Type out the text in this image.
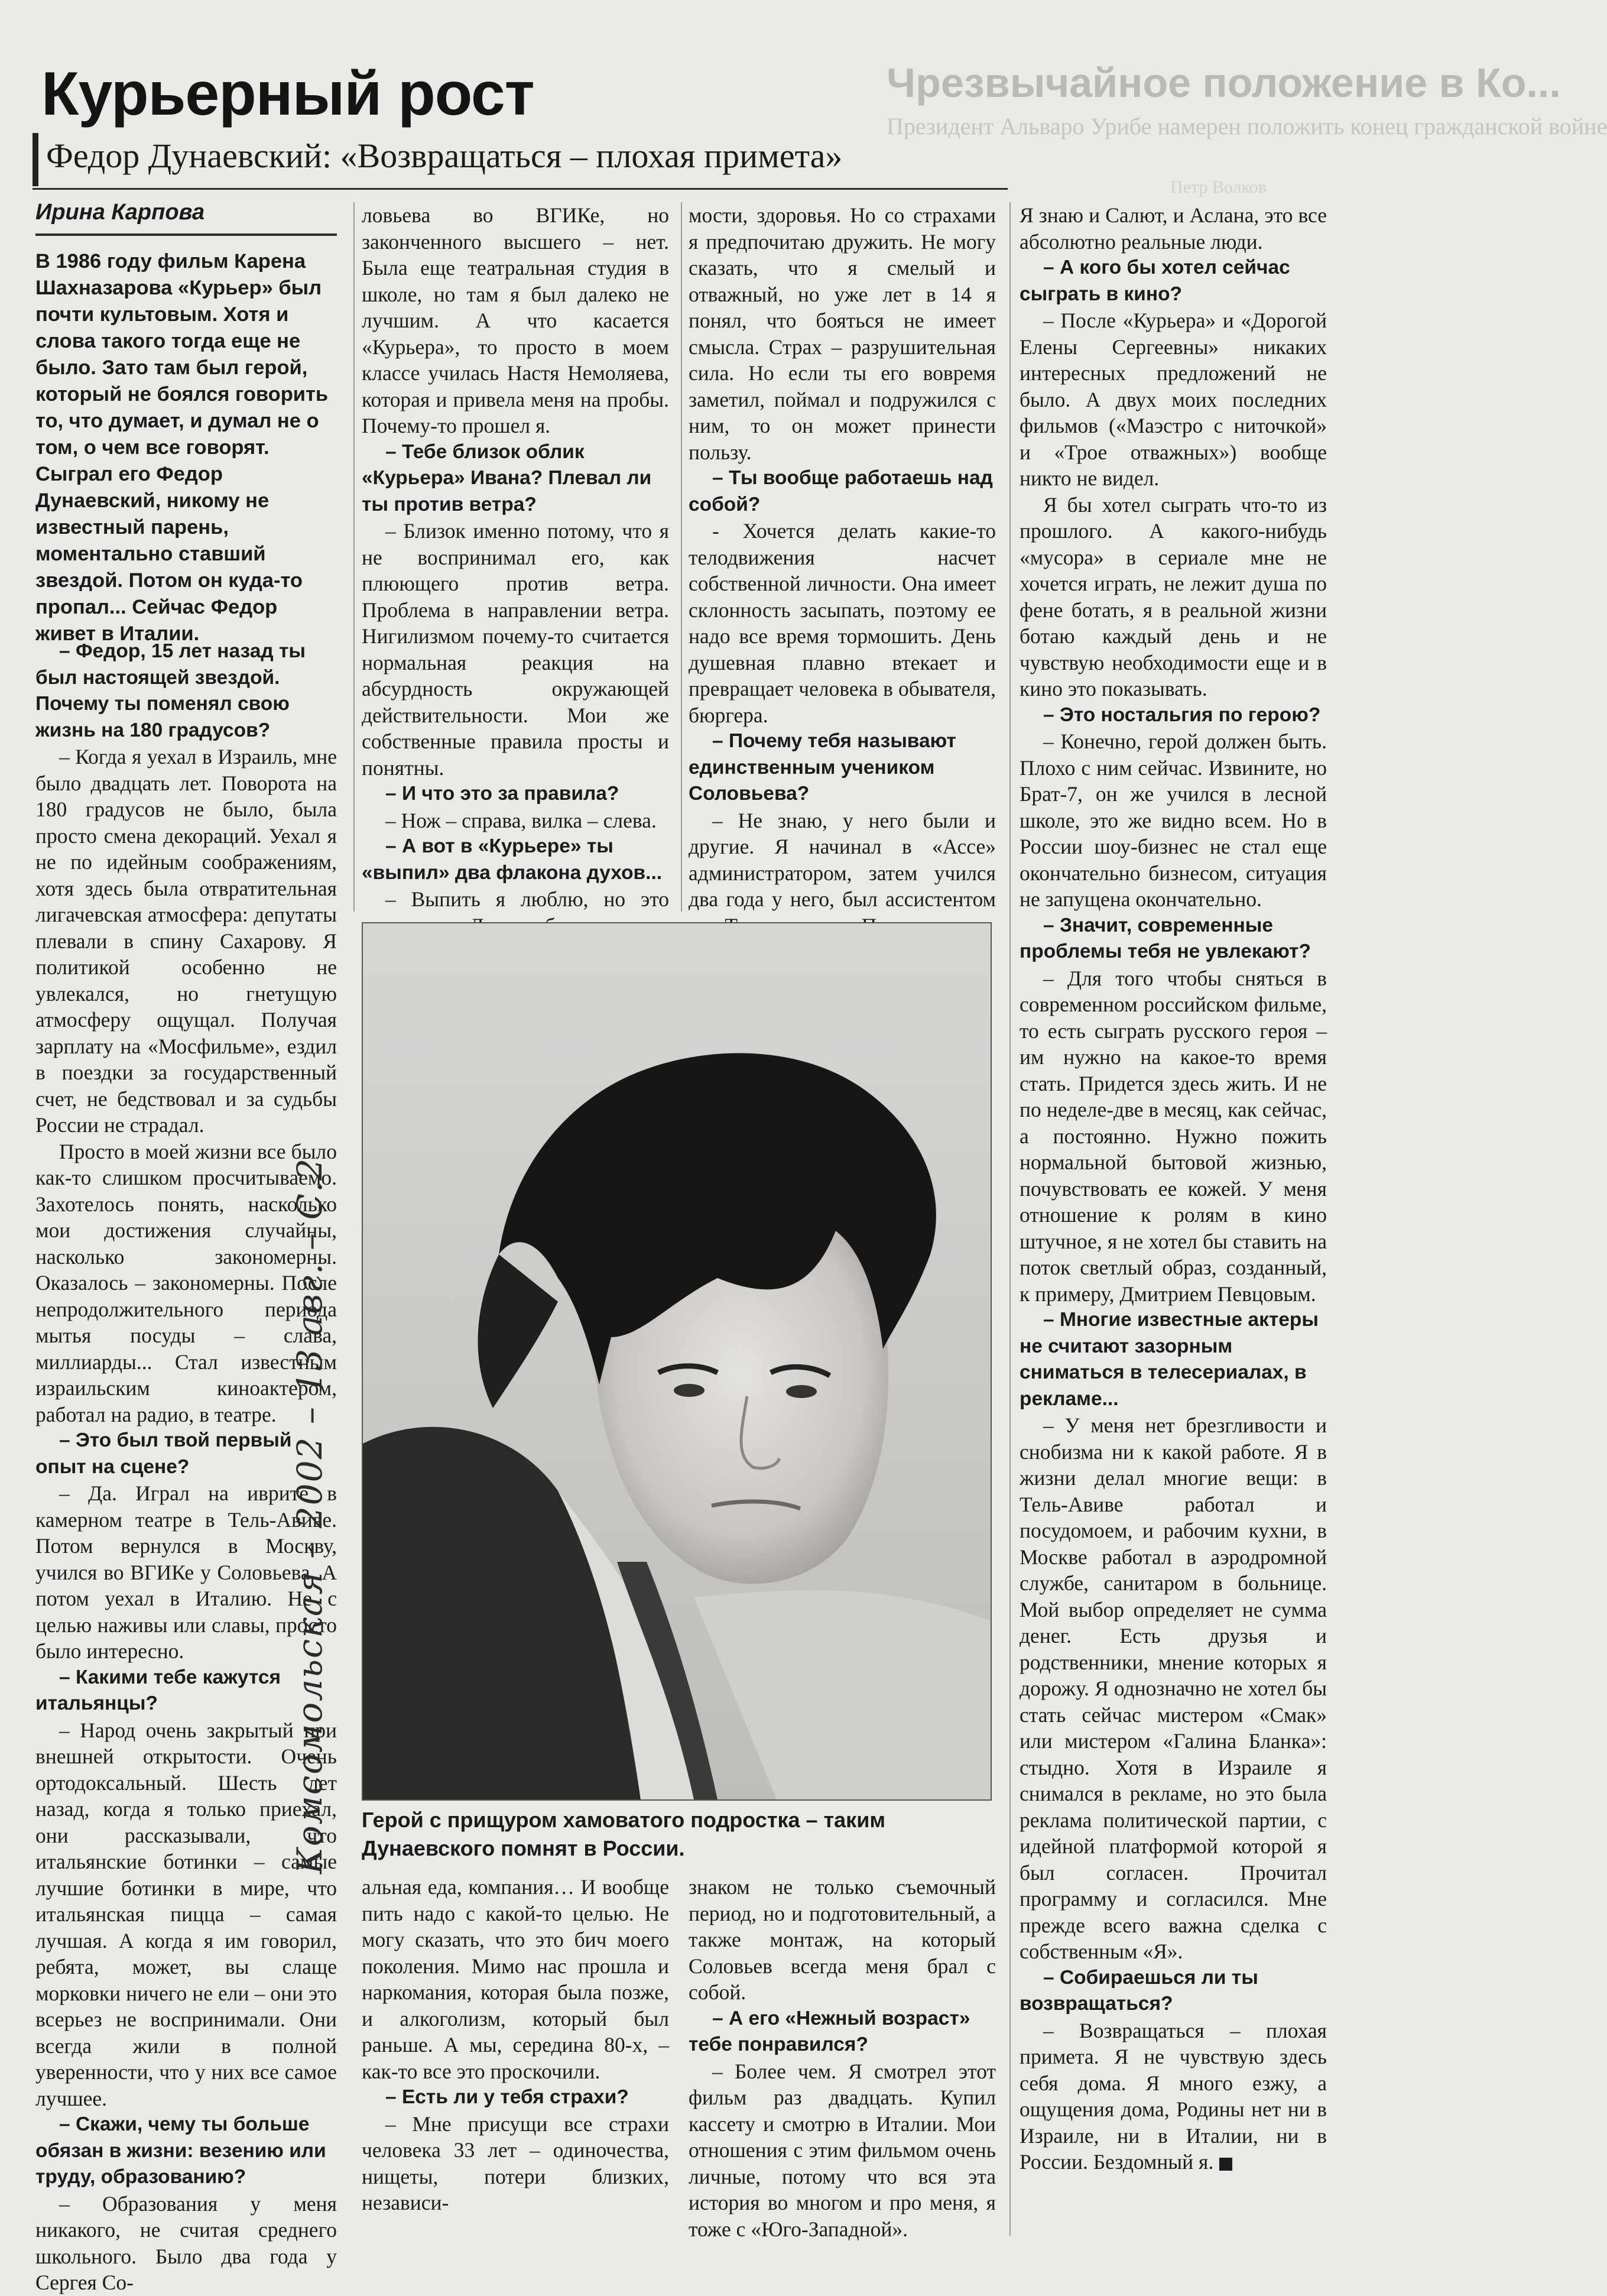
Чрезвычайное положение в Ко...
Президент Альваро Урибе намерен положить конец гражданской войне
Петр Волков
Курьерный рост
Федор Дунаевский: «Возвращаться – плохая примета»
Ирина Карпова

В 1986 году фильм Карена Шахназарова «Курьер» был почти культовым. Хотя и слова такого тогда еще не было. Зато там был герой, который не боялся говорить то, что думает, и думал не о том, о чем все говорят. Сыграл его Федор Дунаевский, никому не известный парень, моментально ставший звездой. Потом он куда-то пропал... Сейчас Федор живет в Италии.

– Федор, 15 лет назад ты был настоящей звездой. Почему ты поменял свою жизнь на 180 градусов?

– Когда я уехал в Израиль, мне было двадцать лет. Поворота на 180 градусов не было, была просто смена декораций. Уехал я не по идейным соображениям, хотя здесь была отвратительная лигачевская атмосфера: депутаты плевали в спину Сахарову. Я политикой особенно не увлекался, но гнетущую атмосферу ощущал. Получая зарплату на «Мосфильме», ездил в поездки за государственный счет, не бедствовал и за судьбы России не страдал.

Просто в моей жизни все было как-то слишком просчитываемо. Захотелось понять, насколько мои достижения случайны, насколько закономерны. Оказалось – закономерны. После непродолжительного периода мытья посуды – слава, миллиарды... Стал известным израильским киноактером, работал на радио, в театре.

– Это был твой первый опыт на сцене?

– Да. Играл на иврите в камерном театре в Тель-Авиве. Потом вернулся в Москву, учился во ВГИКе у Соловьева. А потом уехал в Италию. Не с целью наживы или славы, просто было интересно.

– Какими тебе кажутся итальянцы?

– Народ очень закрытый при внешней открытости. Очень ортодоксальный. Шесть лет назад, когда я только приехал, они рассказывали, что итальянские ботинки – самые лучшие ботинки в мире, что итальянская пицца – самая лучшая. А когда я им говорил, ребята, может, вы слаще морковки ничего не ели – они это всерьез не воспринимали. Они всегда жили в полной уверенности, что у них все самое лучшее.

– Скажи, чему ты больше обязан в жизни: везению или труду, образованию?

– Образования у меня никакого, не считая среднего школьного. Было два года у Сергея Со-

ловьева во ВГИКе, но законченного высшего – нет. Была еще театральная студия в школе, но там я был далеко не лучшим. А что касается «Курьера», то просто в моем классе училась Настя Немоляева, которая и привела меня на пробы. Почему-то прошел я.

– Тебе близок облик «Курьера» Ивана? Плевал ли ты против ветра?

– Близок именно потому, что я не воспринимал его, как плюющего против ветра. Проблема в направлении ветра. Нигилизмом почему-то считается нормальная реакция на абсурдность окружающей действительности. Мои же собственные правила просты и понятны.

– И что это за правила?

– Нож – справа, вилка – слева.

– А вот в «Курьере» ты «выпил» два флакона духов...

– Выпить я люблю, но это

мости, здоровья. Но со страхами я предпочитаю дружить. Не могу сказать, что я смелый и отважный, но уже лет в 14 я понял, что бояться не имеет смысла. Страх – разрушительная сила. Но если ты его вовремя заметил, поймал и подружился с ним, то он может принести пользу.

– Ты вообще работаешь над собой?

- Хочется делать какие-то телодвижения насчет собственной личности. Она имеет склонность засыпать, поэтому ее надо все время тормошить. День душевная плавно втекает и превращает человека в обывателя, бюргера.

– Почему тебя называют единственным учеником Соловьева?

– Не знаю, у него были и другие. Я начинал в «Ассе» администратором, затем учился два года у него, был ассистентом

Я знаю и Салют, и Аслана, это все абсолютно реальные люди.

– А кого бы хотел сейчас сыграть в кино?

– После «Курьера» и «Дорогой Елены Сергеевны» никаких интересных предложений не было. А двух моих последних фильмов («Маэстро с ниточкой» и «Трое отважных») вообще никто не видел.

Я бы хотел сыграть что-то из прошлого. А какого-нибудь «мусора» в сериале мне не хочется играть, не лежит душа по фене ботать, я в реальной жизни ботаю каждый день и не чувствую необходимости еще и в кино это показывать.

– Это ностальгия по герою?

– Конечно, герой должен быть. Плохо с ним сейчас. Извините, но Брат-7, он же учился в лесной школе, это же видно всем. Но в России шоу-бизнес не стал еще окончательно бизнесом, ситуация не запущена окончательно.

– Значит, современные проблемы тебя не увлекают?

– Для того чтобы сняться в современном российском фильме, то есть сыграть русского героя – им нужно на какое-то время стать. Придется здесь жить. И не по неделе-две в месяц, как сейчас, а постоянно. Нужно пожить нормальной бытовой жизнью, почувствовать ее кожей. У меня отношение к ролям в кино штучное, я не хотел бы ставить на поток светлый образ, созданный, к примеру, Дмитрием Певцовым.

– Многие известные актеры не считают зазорным сниматься в телесериалах, в рекламе...

– У меня нет брезгливости и снобизма ни к какой работе. Я в жизни делал многие вещи: в Тель-Авиве работал и посудомоем, и рабочим кухни, в Москве работал в аэродромной службе, санитаром в больнице. Мой выбор определяет не сумма денег. Есть друзья и родственники, мнение которых я дорожу. Я однозначно не хотел бы стать сейчас мистером «Смак» или мистером «Галина Бланка»: стыдно. Хотя в Израиле я снимался в рекламе, но это была реклама политической партии, с идейной платформой которой я был согласен. Прочитал программу и согласился. Мне прежде всего важна сделка с собственным «Я».

– Собираешься ли ты возвращаться?

– Возвращаться – плохая примета. Я не чувствую здесь себя дома. Я много езжу, а ощущения дома, Родины нет ни в Израиле, ни в Италии, ни в России. Бездомный я.

альная еда, компания… И вообще пить надо с какой-то целью. Не могу сказать, что это бич моего поколения. Мимо нас прошла и наркомания, которая была позже, и алкоголизм, который был раньше. А мы, середина 80-х, – как-то все это проскочили.

– Есть ли у тебя страхи?

– Мне присущи все страхи человека 33 лет – одиночества, нищеты, потери близких, независи-

знаком не только съемочный период, но и подготовительный, а также монтаж, на который Соловьев всегда меня брал с собой.

– А его «Нежный возраст» тебе понравился?

– Более чем. Я смотрел этот фильм раз двадцать. Купил кассету и смотрю в Италии. Мои отношения с этим фильмом очень личные, потому что вся эта история во многом и про меня, я тоже с «Юго-Западной».

Герой с прищуром хамоватого подростка – таким Дунаевского помнят в России.
Комсомольская – 2002 – 13 авг. – С.2
